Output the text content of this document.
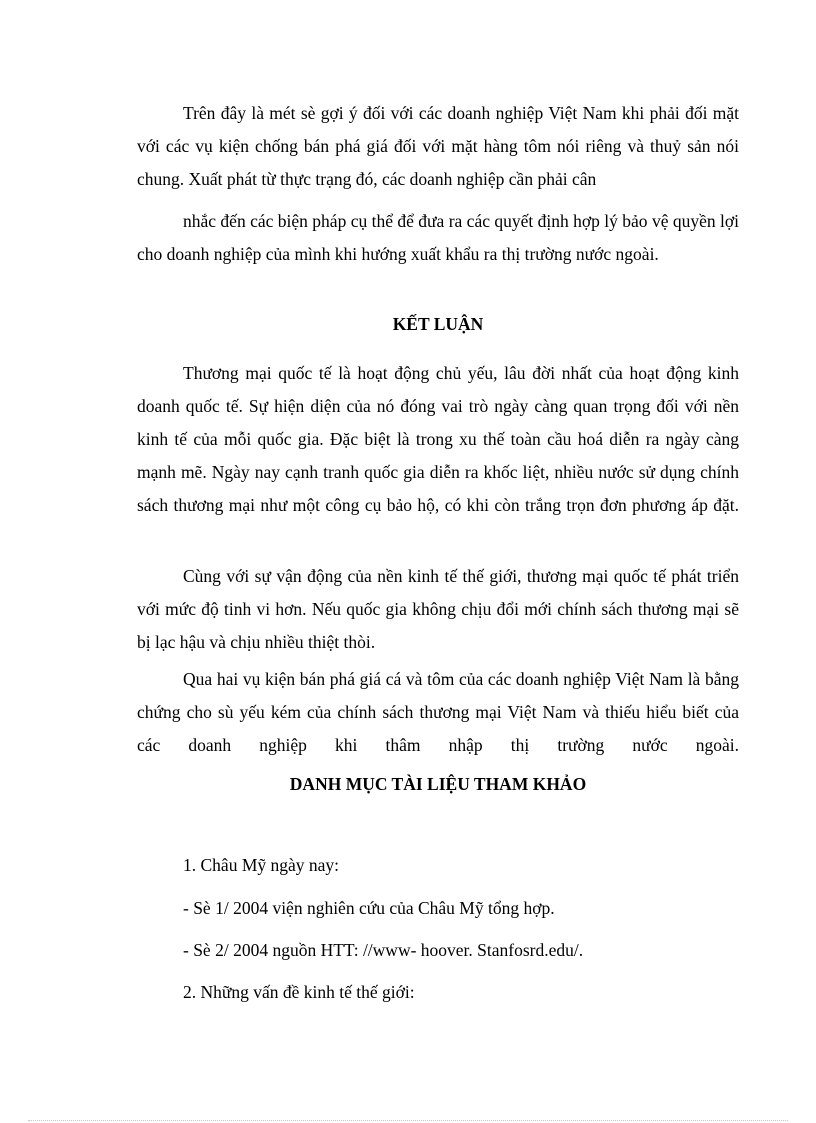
Trên đây là mét sè gợi ý đối với các doanh nghiệp Việt Nam khi phải đối mặt với các vụ kiện chống bán phá giá đối với mặt hàng tôm nói riêng và thuỷ sản nói chung. Xuất phát từ thực trạng đó, các doanh nghiệp cần phải cân

nhắc đến các biện pháp cụ thể để đưa ra các quyết định hợp lý bảo vệ quyền lợi cho doanh nghiệp của mình khi hướng xuất khẩu ra thị trường nước ngoài.

KẾT LUẬN

Thương mại quốc tế là hoạt động chủ yếu, lâu đời nhất của hoạt động kinh doanh quốc tế. Sự hiện diện của nó đóng vai trò ngày càng quan trọng đối với nền kinh tế của mỗi quốc gia. Đặc biệt là trong xu thế toàn cầu hoá diễn ra ngày càng mạnh mẽ. Ngày nay cạnh tranh quốc gia diễn ra khốc liệt, nhiều nước sử dụng chính sách thương mại như một công cụ bảo hộ, có khi còn trắng trọn đơn phương áp đặt.

Cùng với sự vận động của nền kinh tế thế giới, thương mại quốc tế phát triển với mức độ tinh vi hơn. Nếu quốc gia không chịu đổi mới chính sách thương mại sẽ bị lạc hậu và chịu nhiều thiệt thòi.

Qua hai vụ kiện bán phá giá cá và tôm của các doanh nghiệp Việt Nam là bằng chứng cho sù yếu kém của chính sách thương mại Việt Nam và thiếu hiểu biết của các doanh nghiệp khi thâm nhập thị trường nước ngoài.

DANH MỤC TÀI LIỆU THAM KHẢO

1. Châu Mỹ ngày nay:

- Sè 1/ 2004 viện nghiên cứu của Châu Mỹ tổng hợp.

- Sè 2/ 2004 nguồn HTT: //www- hoover. Stanfosrd.edu/.

2. Những vấn đề kinh tế thế giới:
